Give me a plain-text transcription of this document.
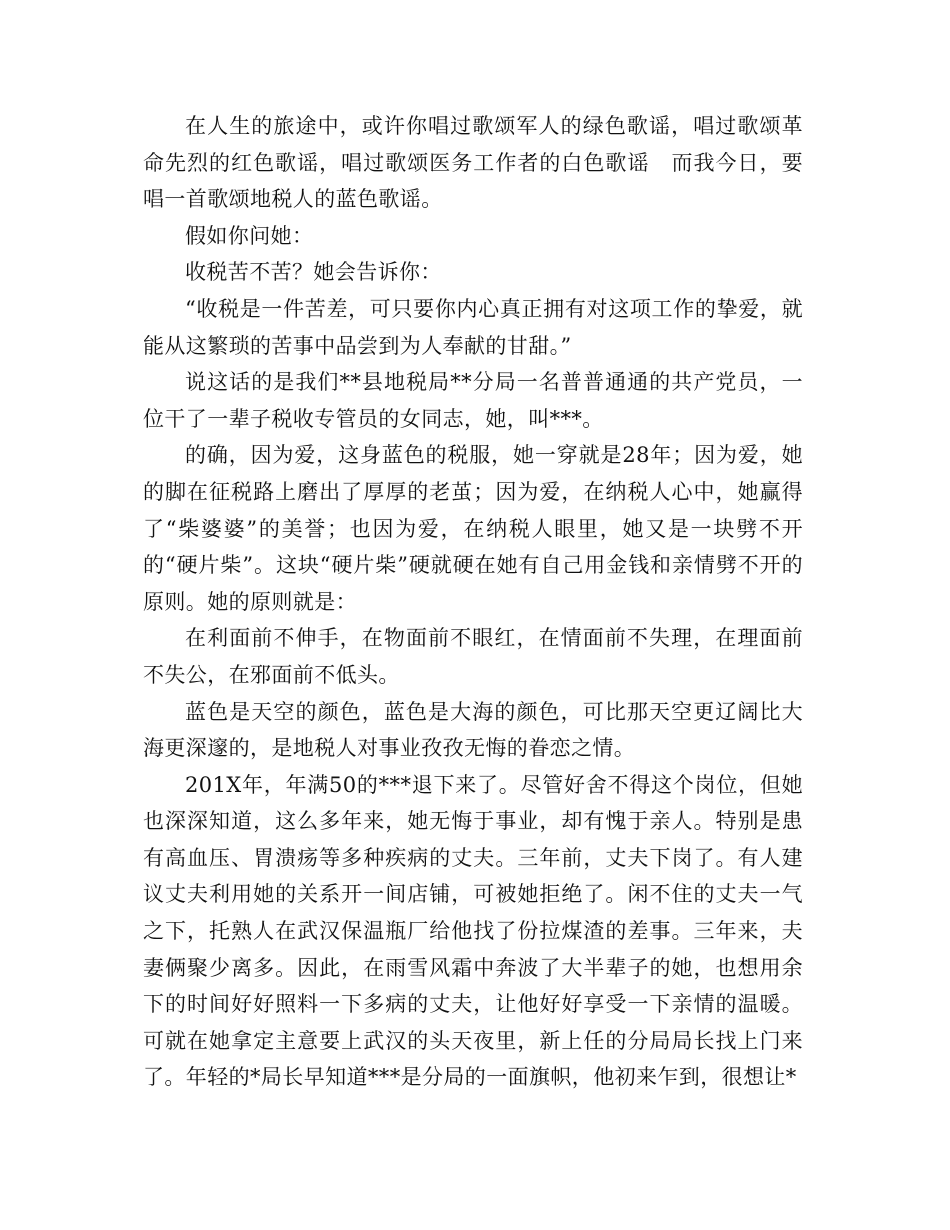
在人生的旅途中，或许你唱过歌颂军人的绿色歌谣，唱过歌颂革命先烈的红色歌谣，唱过歌颂医务工作者的白色歌谣　而我今日，要唱一首歌颂地税人的蓝色歌谣。

假如你问她：

收税苦不苦？她会告诉你：

“收税是一件苦差，可只要你内心真正拥有对这项工作的挚爱，就能从这繁琐的苦事中品尝到为人奉献的甘甜。”

说这话的是我们**县地税局**分局一名普普通通的共产党员，一位干了一辈子税收专管员的女同志，她，叫***。

的确，因为爱，这身蓝色的税服，她一穿就是28年；因为爱，她的脚在征税路上磨出了厚厚的老茧；因为爱，在纳税人心中，她赢得了“柴婆婆”的美誉；也因为爱，在纳税人眼里，她又是一块劈不开的“硬片柴”。这块“硬片柴”硬就硬在她有自己用金钱和亲情劈不开的原则。她的原则就是：

在利面前不伸手，在物面前不眼红，在情面前不失理，在理面前不失公，在邪面前不低头。

蓝色是天空的颜色，蓝色是大海的颜色，可比那天空更辽阔比大海更深邃的，是地税人对事业孜孜无悔的眷恋之情。

201X年，年满50的***退下来了。尽管好舍不得这个岗位，但她也深深知道，这么多年来，她无悔于事业，却有愧于亲人。特别是患有高血压、胃溃疡等多种疾病的丈夫。三年前，丈夫下岗了。有人建议丈夫利用她的关系开一间店铺，可被她拒绝了。闲不住的丈夫一气之下，托熟人在武汉保温瓶厂给他找了份拉煤渣的差事。三年来，夫妻俩聚少离多。因此，在雨雪风霜中奔波了大半辈子的她，也想用余下的时间好好照料一下多病的丈夫，让他好好享受一下亲情的温暖。可就在她拿定主意要上武汉的头天夜里，新上任的分局局长找上门来了。年轻的*局长早知道***是分局的一面旗帜，他初来乍到，很想让*
